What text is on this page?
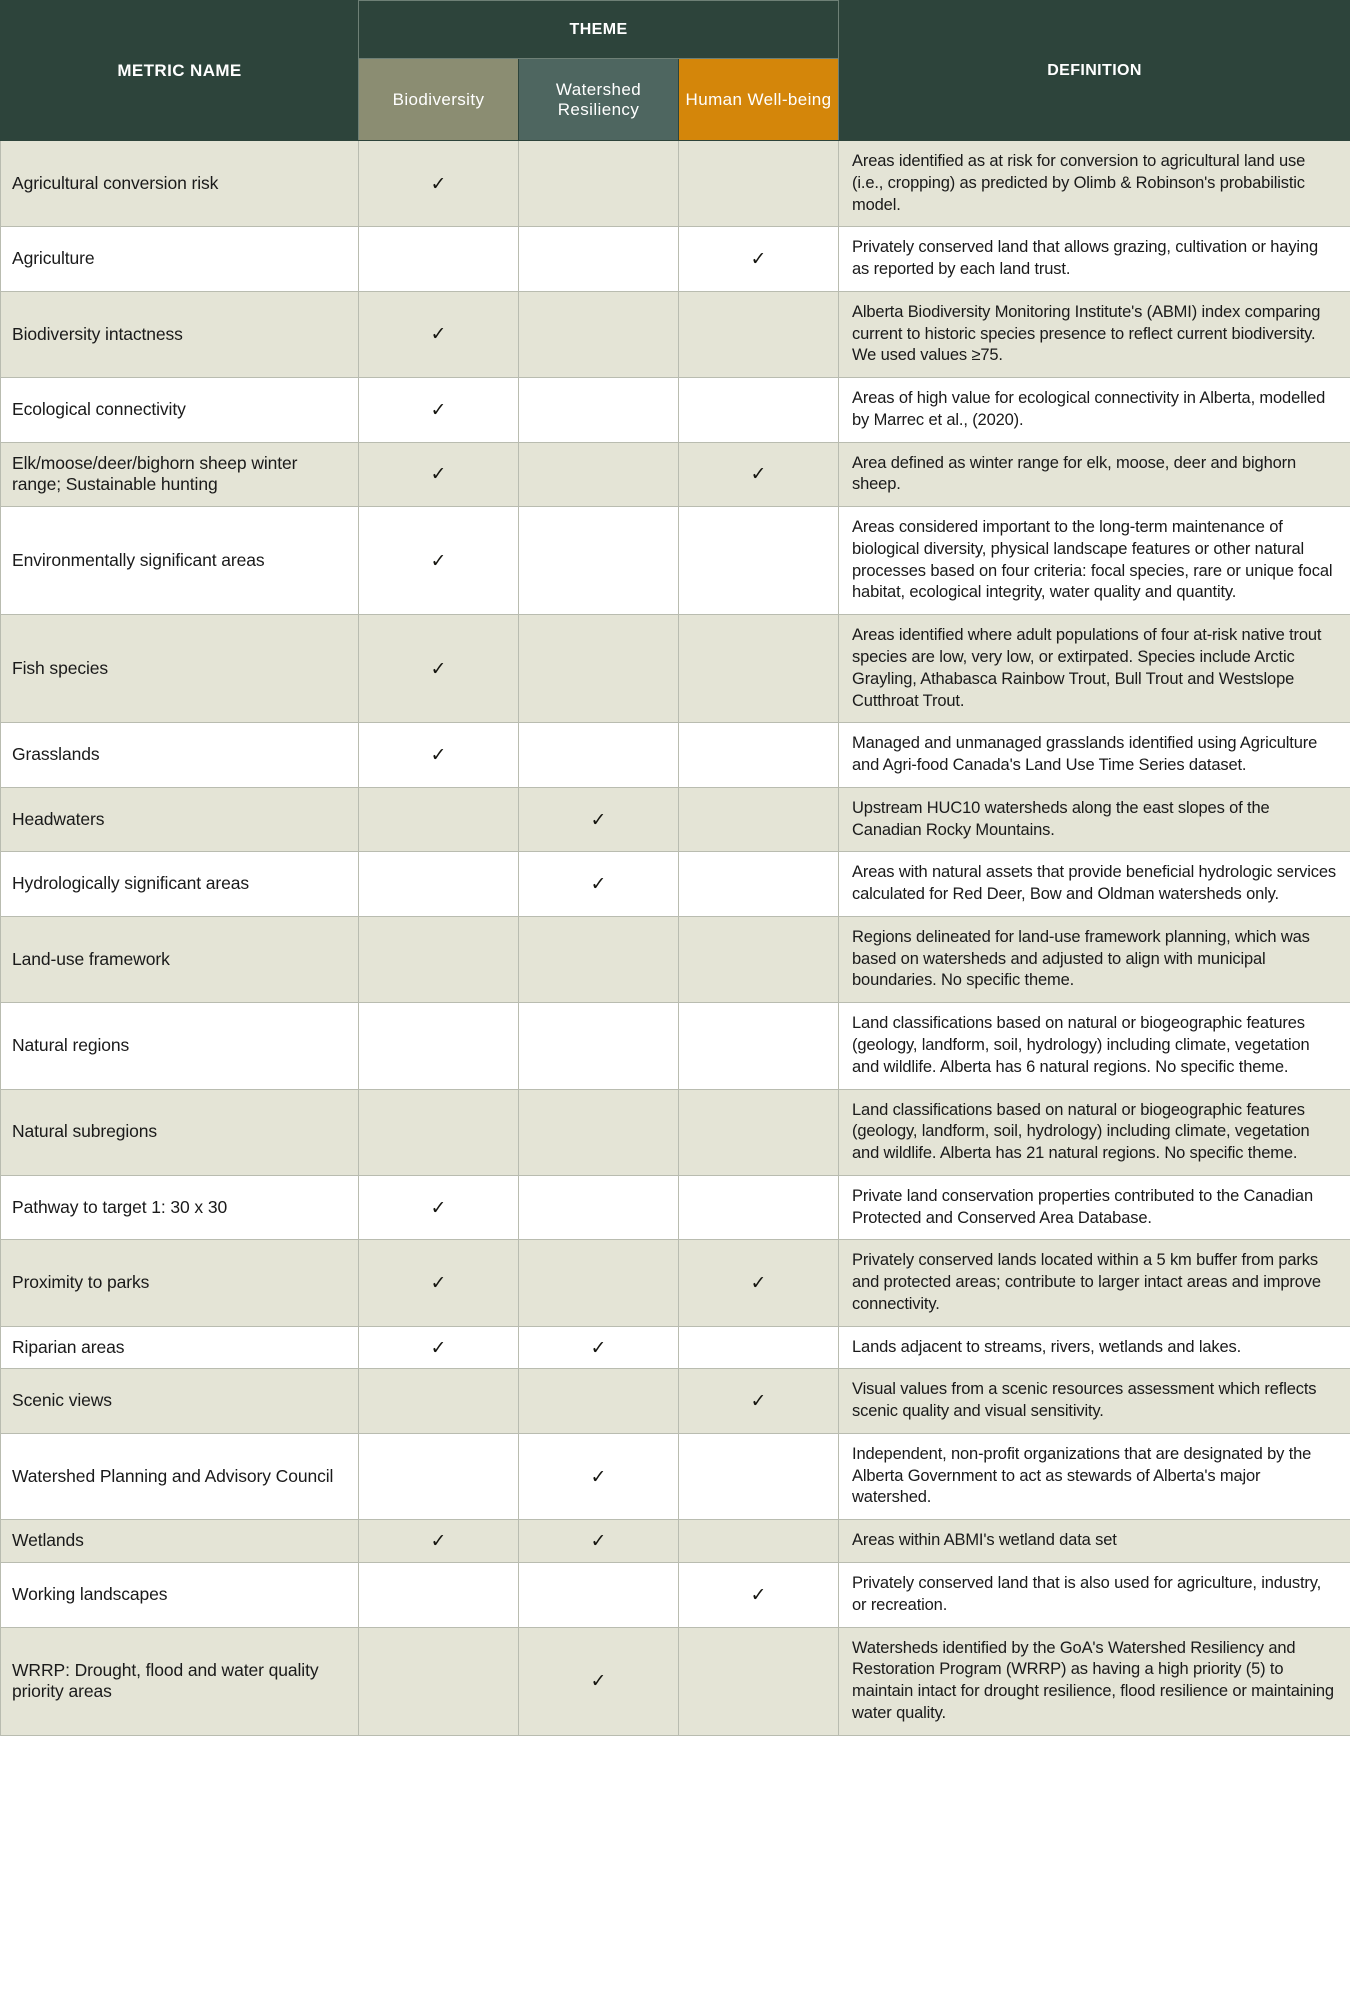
METRIC NAME	THEME			DEFINITION
	Biodiversity	Watershed Resiliency	Human Well-being	
Agricultural conversion risk	✓			Areas identified as at risk for conversion to agricultural land use (i.e., cropping) as predicted by Olimb & Robinson's probabilistic model.
Agriculture			✓	Privately conserved land that allows grazing, cultivation or haying as reported by each land trust.
Biodiversity intactness	✓			Alberta Biodiversity Monitoring Institute's (ABMI) index comparing current to historic species presence to reflect current biodiversity. We used values ≥75.
Ecological connectivity	✓			Areas of high value for ecological connectivity in Alberta, modelled by Marrec et al., (2020).
Elk/moose/deer/bighorn sheep winter range; Sustainable hunting	✓		✓	Area defined as winter range for elk, moose, deer and bighorn sheep.
Environmentally significant areas	✓			Areas considered important to the long-term maintenance of biological diversity, physical landscape features or other natural processes based on four criteria: focal species, rare or unique focal habitat, ecological integrity, water quality and quantity.
Fish species	✓			Areas identified where adult populations of four at-risk native trout species are low, very low, or extirpated. Species include Arctic Grayling, Athabasca Rainbow Trout, Bull Trout and Westslope Cutthroat Trout.
Grasslands	✓			Managed and unmanaged grasslands identified using Agriculture and Agri-food Canada's Land Use Time Series dataset.
Headwaters		✓		Upstream HUC10 watersheds along the east slopes of the Canadian Rocky Mountains.
Hydrologically significant areas		✓		Areas with natural assets that provide beneficial hydrologic services calculated for Red Deer, Bow and Oldman watersheds only.
Land-use framework				Regions delineated for land-use framework planning, which was based on watersheds and adjusted to align with municipal boundaries. No specific theme.
Natural regions				Land classifications based on natural or biogeographic features (geology, landform, soil, hydrology) including climate, vegetation and wildlife. Alberta has 6 natural regions. No specific theme.
Natural subregions				Land classifications based on natural or biogeographic features (geology, landform, soil, hydrology) including climate, vegetation and wildlife. Alberta has 21 natural regions. No specific theme.
Pathway to target 1: 30 x 30	✓			Private land conservation properties contributed to the Canadian Protected and Conserved Area Database.
Proximity to parks	✓		✓	Privately conserved lands located within a 5 km buffer from parks and protected areas; contribute to larger intact areas and improve connectivity.
Riparian areas	✓	✓		Lands adjacent to streams, rivers, wetlands and lakes.
Scenic views			✓	Visual values from a scenic resources assessment which reflects scenic quality and visual sensitivity.
Watershed Planning and Advisory Council		✓		Independent, non-profit organizations that are designated by the Alberta Government to act as stewards of Alberta's major watershed.
Wetlands	✓	✓		Areas within ABMI's wetland data set
Working landscapes			✓	Privately conserved land that is also used for agriculture, industry, or recreation.
WRRP: Drought, flood and water quality priority areas		✓		Watersheds identified by the GoA's Watershed Resiliency and Restoration Program (WRRP) as having a high priority (5) to maintain intact for drought resilience, flood resilience or maintaining water quality.
